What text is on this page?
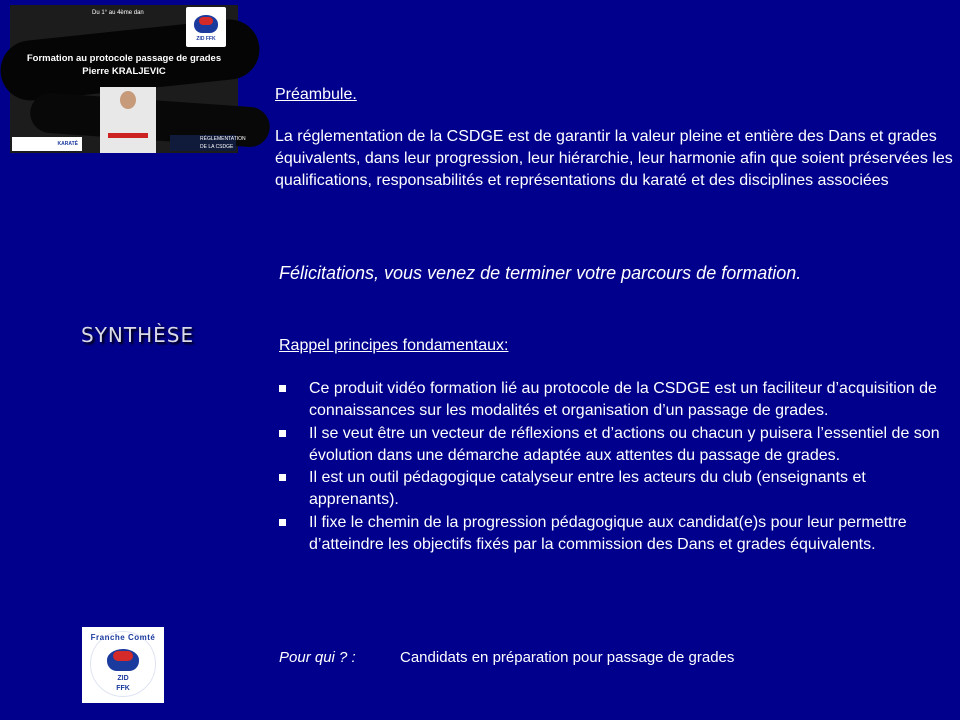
Du 1° au 4ème dan
ZID FFK
Formation au protocole passage de grades
Pierre KRALJEVIC
KARATÉ
RÉGLEMENTATION DE LA CSDGE
SYNTHÈSE
Préambule.
La réglementation de la CSDGE est de garantir la valeur pleine et entière des Dans et grades équivalents, dans leur progression, leur hiérarchie, leur harmonie afin que soient préservées les qualifications, responsabilités et représentations du karaté et des disciplines associées
Félicitations, vous venez de terminer votre parcours de formation.
Rappel principes fondamentaux:
Ce produit vidéo formation lié au protocole de la CSDGE est un faciliteur d’acquisition de connaissances sur les modalités et organisation d’un passage de grades.
Il se veut être un vecteur de réflexions et d’actions ou chacun y puisera l’essentiel de son évolution dans une démarche adaptée aux attentes du passage de grades.
Il est un outil pédagogique catalyseur entre les acteurs du club (enseignants et apprenants).
Il fixe le chemin de la progression pédagogique aux candidat(e)s pour leur permettre d’atteindre les objectifs fixés par la commission des Dans et grades équivalents.
Pour qui ? :	Candidats en préparation pour passage de grades
Franche Comté
ZID
FFK
